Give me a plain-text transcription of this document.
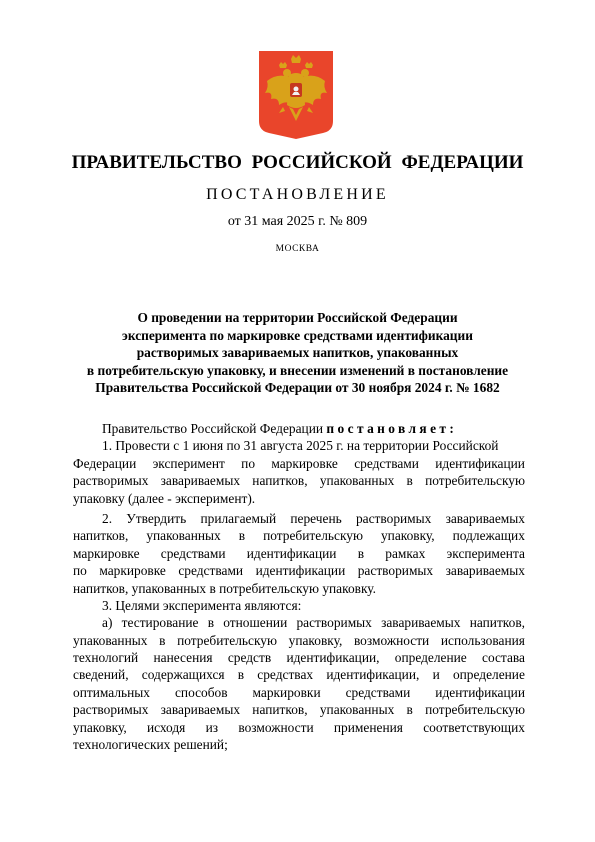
ПРАВИТЕЛЬСТВО РОССИЙСКОЙ ФЕДЕРАЦИИ
ПОСТАНОВЛЕНИЕ
от 31 мая 2025 г. № 809
МОСКВА
О проведении на территории Российской Федерации
эксперимента по маркировке средствами идентификации
растворимых завариваемых напитков, упакованных
в потребительскую упаковку, и внесении изменений в постановление
Правительства Российской Федерации от 30 ноября 2024 г. № 1682
Правительство Российской Федерации постановляет:
1. Провести с 1 июня по 31 августа 2025 г. на территории Российской
Федерации эксперимент по маркировке средствами идентификации
растворимых завариваемых напитков, упакованных в потребительскую
упаковку (далее - эксперимент).
2. Утвердить прилагаемый перечень растворимых завариваемых
напитков, упакованных в потребительскую упаковку, подлежащих
маркировке средствами идентификации в рамках эксперимента
по маркировке средствами идентификации растворимых завариваемых
напитков, упакованных в потребительскую упаковку.
3. Целями эксперимента являются:
а) тестирование в отношении растворимых завариваемых напитков,
упакованных в потребительскую упаковку, возможности использования
технологий нанесения средств идентификации, определение состава
сведений, содержащихся в средствах идентификации, и определение
оптимальных способов маркировки средствами идентификации
растворимых завариваемых напитков, упакованных в потребительскую
упаковку, исходя из возможности применения соответствующих
технологических решений;
